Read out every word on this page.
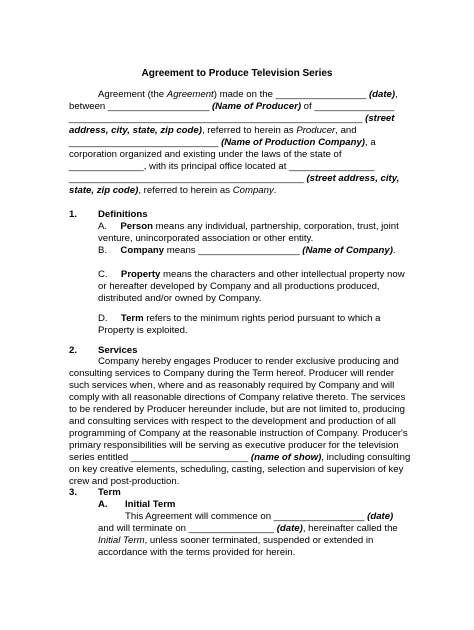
Agreement to Produce Television Series
Agreement (the Agreement) made on the _________________ (date),
between ___________________ (Name of Producer) of _______________
_______________________________________________________ (street
address, city, state, zip code), referred to herein as Producer, and
____________________________ (Name of Production Company), a
corporation organized and existing under the laws of the state of
______________, with its principal office located at ________________
____________________________________________ (street address, city,
state, zip code), referred to herein as Company.
1. Definitions
A.     Person means any individual, partnership, corporation, trust, joint
venture, unincorporated association or other entity.
B.     Company means ___________________ (Name of Company).
C.     Property means the characters and other intellectual property now
or hereafter developed by Company and all productions produced,
distributed and/or owned by Company.
D.     Term refers to the minimum rights period pursuant to which a
Property is exploited.
2. Services
Company hereby engages Producer to render exclusive producing and
consulting services to Company during the Term hereof. Producer will render
such services when, where and as reasonably required by Company and will
comply with all reasonable directions of Company relative thereto. The services
to be rendered by Producer hereunder include, but are not limited to, producing
and consulting services with respect to the development and production of all
programming of Company at the reasonable instruction of Company. Producer's
primary responsibilities will be serving as executive producer for the television
series entitled ______________________ (name of show), including consulting
on key creative elements, scheduling, casting, selection and supervision of key
crew and post-production.
3. Term
A. Initial Term
This Agreement will commence on _________________ (date)
and will terminate on ________________ (date), hereinafter called the
Initial Term, unless sooner terminated, suspended or extended in
accordance with the terms provided for herein.
